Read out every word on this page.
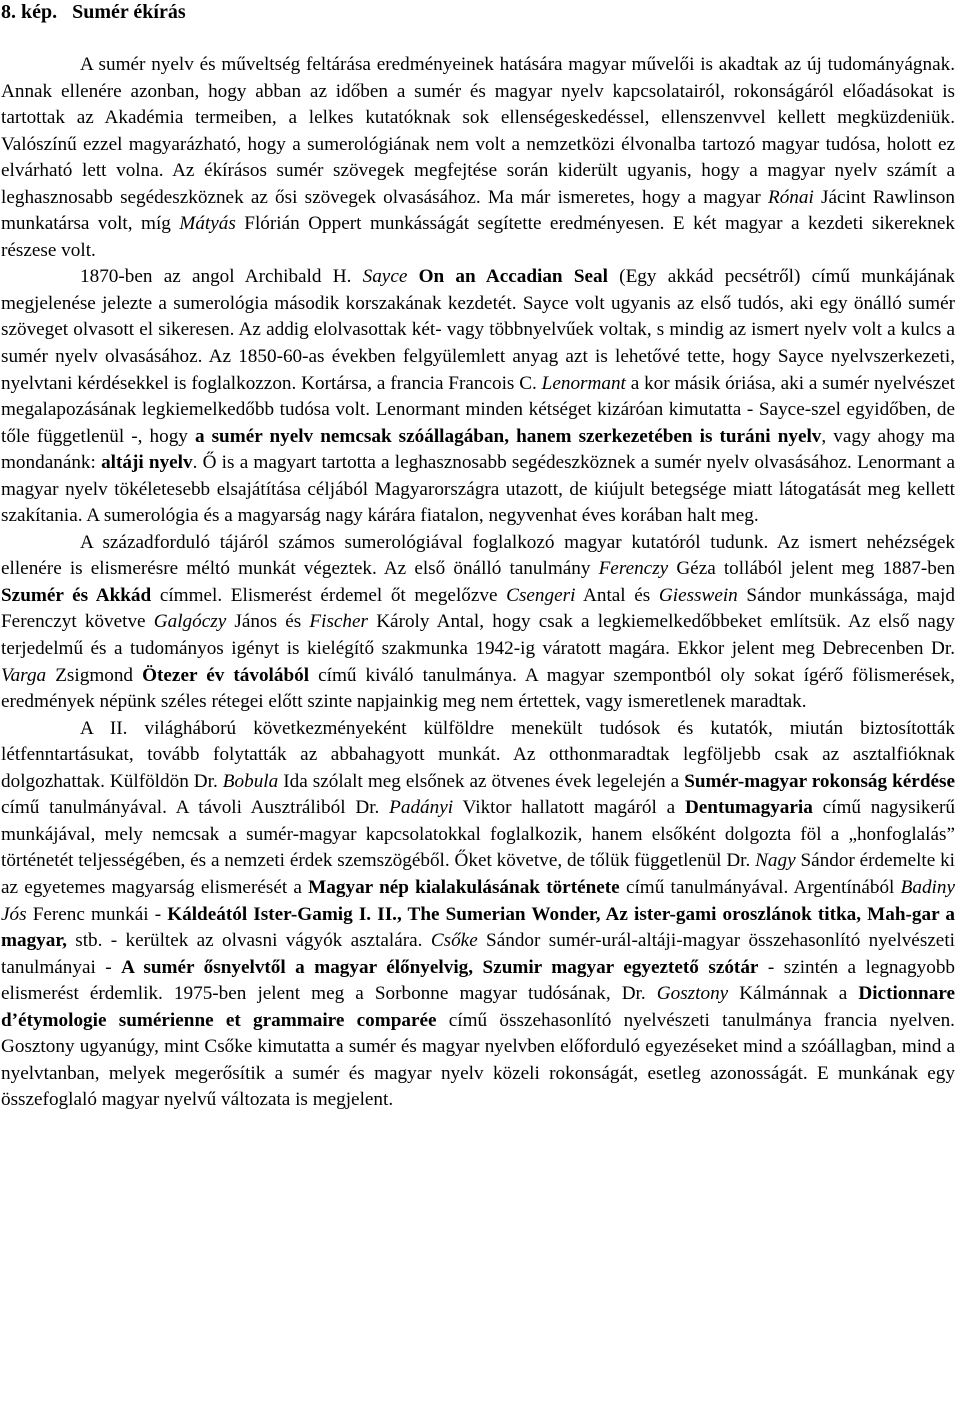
8. kép. Sumér ékírás

A sumér nyelv és műveltség feltárása eredményeinek hatására magyar művelői is akadtak az új tudományágnak. Annak ellenére azonban, hogy abban az időben a sumér és magyar nyelv kapcsolatairól, rokonságáról előadásokat is tartottak az Akadémia termeiben, a lelkes kutatóknak sok ellenségeskedéssel, ellenszenvvel kellett megküzdeniük. Valószínű ezzel magyarázható, hogy a sumerológiának nem volt a nemzetközi élvonalba tartozó magyar tudósa, holott ez elvárható lett volna. Az ékírásos sumér szövegek megfejtése során kiderült ugyanis, hogy a magyar nyelv számít a leghasznosabb segédeszköznek az ősi szövegek olvasásához. Ma már ismeretes, hogy a magyar Rónai Jácint Rawlinson munkatársa volt, míg Mátyás Flórián Oppert munkásságát segítette eredményesen. E két magyar a kezdeti sikereknek részese volt.

1870-ben az angol Archibald H. Sayce On an Accadian Seal (Egy akkád pecsétről) című munkájának megjelenése jelezte a sumerológia második korszakának kezdetét. Sayce volt ugyanis az első tudós, aki egy önálló sumér szöveget olvasott el sikeresen. Az addig elolvasottak két- vagy többnyelvűek voltak, s mindig az ismert nyelv volt a kulcs a sumér nyelv olvasásához. Az 1850-60-as években felgyülemlett anyag azt is lehetővé tette, hogy Sayce nyelvszerkezeti, nyelvtani kérdésekkel is foglalkozzon. Kortársa, a francia Francois C. Lenormant a kor másik óriása, aki a sumér nyelvészet megalapozásának legkiemelkedőbb tudósa volt. Lenormant minden kétséget kizáróan kimutatta - Sayce-szel egyidőben, de tőle függetlenül -, hogy a sumér nyelv nemcsak szóállagában, hanem szerkezetében is turáni nyelv, vagy ahogy ma mondanánk: altáji nyelv. Ő is a magyart tartotta a leghasznosabb segédeszköznek a sumér nyelv olvasásához. Lenormant a magyar nyelv tökéletesebb elsajátítása céljából Magyarországra utazott, de kiújult betegsége miatt látogatását meg kellett szakítania. A sumerológia és a magyarság nagy kárára fiatalon, negyvenhat éves korában halt meg.

A századforduló tájáról számos sumerológiával foglalkozó magyar kutatóról tudunk. Az ismert nehézségek ellenére is elismerésre méltó munkát végeztek. Az első önálló tanulmány Ferenczy Géza tollából jelent meg 1887-ben Szumér és Akkád címmel. Elismerést érdemel őt megelőzve Csengeri Antal és Giesswein Sándor munkássága, majd Ferenczyt követve Galgóczy János és Fischer Károly Antal, hogy csak a legkiemelkedőbbeket említsük. Az első nagy terjedelmű és a tudományos igényt is kielégítő szakmunka 1942-ig váratott magára. Ekkor jelent meg Debrecenben Dr. Varga Zsigmond Ötezer év távolából című kiváló tanulmánya. A magyar szempontból oly sokat ígérő fölismerések, eredmények népünk széles rétegei előtt szinte napjainkig meg nem értettek, vagy ismeretlenek maradtak.

A II. világháború következményeként külföldre menekült tudósok és kutatók, miután biztosították létfenntartásukat, tovább folytatták az abbahagyott munkát. Az otthonmaradtak legföljebb csak az asztalfióknak dolgozhattak. Külföldön Dr. Bobula Ida szólalt meg elsőnek az ötvenes évek legelején a Sumér-magyar rokonság kérdése című tanulmányával. A távoli Ausztráliból Dr. Padányi Viktor hallatott magáról a Dentumagyaria című nagysikerű munkájával, mely nemcsak a sumér-magyar kapcsolatokkal foglalkozik, hanem elsőként dolgozta föl a „honfoglalás” történetét teljességében, és a nemzeti érdek szemszögéből. Őket követve, de tőlük függetlenül Dr. Nagy Sándor érdemelte ki az egyetemes magyarság elismerését a Magyar nép kialakulásának története című tanulmányával. Argentínából Badiny Jós Ferenc munkái - Káldeától Ister-Gamig I. II., The Sumerian Wonder, Az ister-gami oroszlánok titka, Mah-gar a magyar, stb. - kerültek az olvasni vágyók asztalára. Csőke Sándor sumér-urál-altáji-magyar összehasonlító nyelvészeti tanulmányai - A sumér ősnyelvtől a magyar élőnyelvig, Szumir magyar egyeztető szótár - szintén a legnagyobb elismerést érdemlik. 1975-ben jelent meg a Sorbonne magyar tudósának, Dr. Gosztony Kálmánnak a Dictionnare d’étymologie sumérienne et grammaire comparée című összehasonlító nyelvészeti tanulmánya francia nyelven. Gosztony ugyanúgy, mint Csőke kimutatta a sumér és magyar nyelvben előforduló egyezéseket mind a szóállagban, mind a nyelvtanban, melyek megerősítik a sumér és magyar nyelv közeli rokonságát, esetleg azonosságát. E munkának egy összefoglaló magyar nyelvű változata is megjelent.
